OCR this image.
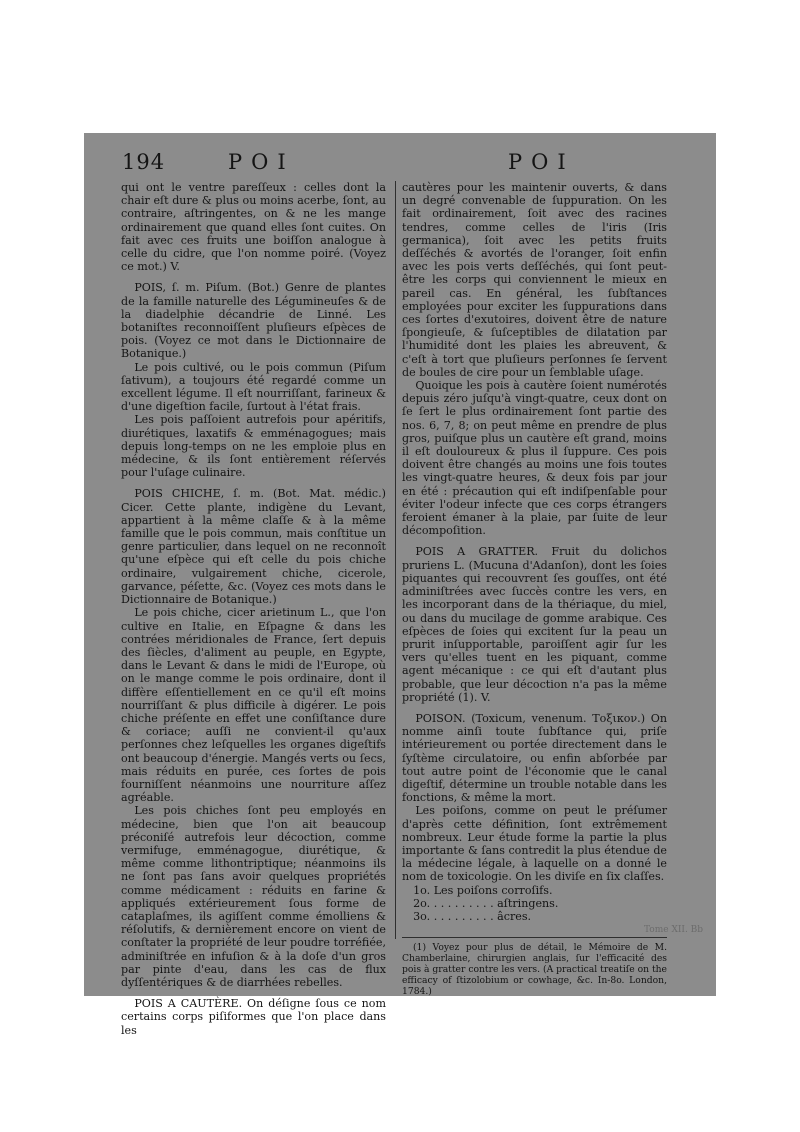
194	POI	POI

qui ont le ventre pareſſeux : celles dont la chair eſt dure & plus ou moins acerbe, ſont, au contraire, aſtringentes, on & ne les mange ordinairement que quand elles ſont cuites. On fait avec ces fruits une boiſſon analogue à celle du cidre, que l'on nomme poiré. (Voyez ce mot.) V.

POIS, ſ. m. Piſum. (Bot.) Genre de plantes de la famille naturelle des Légumineuſes & de la diadelphie décandrie de Linné. Les botaniſtes reconnoiſſent pluſieurs eſpèces de pois. (Voyez ce mot dans le Dictionnaire de Botanique.)

Le pois cultivé, ou le pois commun (Piſum ſativum), a toujours été regardé comme un excellent légume. Il eſt nourriſſant, farineux & d'une digeſtion facile, ſurtout à l'état frais.

Les pois paſſoient autrefois pour apéritifs, diurétiques, laxatifs & emménagogues; mais depuis long-temps on ne les emploie plus en médecine, & ils ſont entièrement réſervés pour l'uſage culinaire.

POIS CHICHE, ſ. m. (Bot. Mat. médic.) Cicer. Cette plante, indigène du Levant, appartient à la même claſſe & à la même famille que le pois commun, mais conſtitue un genre particulier, dans lequel on ne reconnoît qu'une eſpèce qui eſt celle du pois chiche ordinaire, vulgairement chiche, cicerole, garvance, péſette, &c. (Voyez ces mots dans le Dictionnaire de Botanique.)

Le pois chiche, cicer arietinum L., que l'on cultive en Italie, en Eſpagne & dans les contrées méridionales de France, ſert depuis des ſiècles, d'aliment au peuple, en Egypte, dans le Levant & dans le midi de l'Europe, où on le mange comme le pois ordinaire, dont il diffère eſſentiellement en ce qu'il eſt moins nourriſſant & plus difficile à digérer. Le pois chiche préſente en effet une conſiſtance dure & coriace; auſſi ne convient-il qu'aux perſonnes chez leſquelles les organes digeſtifs ont beaucoup d'énergie. Mangés verts ou ſecs, mais réduits en purée, ces ſortes de pois fourniſſent néanmoins une nourriture aſſez agréable.

Les pois chiches ſont peu employés en médecine, bien que l'on ait beaucoup préconiſé autrefois leur décoction, comme vermifuge, emménagogue, diurétique, & même comme lithontriptique; néanmoins ils ne ſont pas ſans avoir quelques propriétés comme médicament : réduits en farine & appliqués extérieurement ſous forme de cataplaſmes, ils agiſſent comme émolliens & réſolutifs, & dernièrement encore on vient de conſtater la propriété de leur poudre torréfiée, adminiſtrée en infuſion & à la doſe d'un gros par pinte d'eau, dans les cas de flux dyſſentériques & de diarrhées rebelles.

POIS A CAUTÈRE. On déſigne ſous ce nom certains corps piſiformes que l'on place dans les

cautères pour les maintenir ouverts, & dans un degré convenable de ſuppuration. On les fait ordinairement, ſoit avec des racines tendres, comme celles de l'iris (Iris germanica), ſoit avec les petits fruits deſſéchés & avortés de l'oranger, ſoit enfin avec les pois verts deſſéchés, qui ſont peut-être les corps qui conviennent le mieux en pareil cas. En général, les ſubſtances employées pour exciter les ſuppurations dans ces ſortes d'exutoires, doivent être de nature ſpongieuſe, & ſuſceptibles de dilatation par l'humidité dont les plaies les abreuvent, & c'eſt à tort que pluſieurs perſonnes ſe ſervent de boules de cire pour un ſemblable uſage.

Quoique les pois à cautère ſoient numérotés depuis zéro juſqu'à vingt-quatre, ceux dont on ſe ſert le plus ordinairement ſont partie des nos. 6, 7, 8; on peut même en prendre de plus gros, puiſque plus un cautère eſt grand, moins il eſt douloureux & plus il ſuppure. Ces pois doivent être changés au moins une fois toutes les vingt-quatre heures, & deux fois par jour en été : précaution qui eſt indiſpenſable pour éviter l'odeur infecte que ces corps étrangers feroient émaner à la plaie, par ſuite de leur décompoſition.

POIS A GRATTER. Fruit du dolichos pruriens L. (Mucuna d'Adanſon), dont les ſoies piquantes qui recouvrent ſes gouſſes, ont été adminiſtrées avec ſuccès contre les vers, en les incorporant dans de la thériaque, du miel, ou dans du mucilage de gomme arabique. Ces eſpèces de ſoies qui excitent ſur la peau un prurit inſupportable, paroiſſent agir ſur les vers qu'elles tuent en les piquant, comme agent mécanique : ce qui eſt d'autant plus probable, que leur décoction n'a pas la même propriété (1). V.

POISON. (Toxicum, venenum. Τοξικον.) On nomme ainſi toute ſubſtance qui, priſe intérieurement ou portée directement dans le ſyſtème circulatoire, ou enfin abſorbée par tout autre point de l'économie que le canal digeſtif, détermine un trouble notable dans les fonctions, & même la mort.

Les poiſons, comme on peut le préſumer d'après cette définition, ſont extrêmement nombreux. Leur étude forme la partie la plus importante & ſans contredit la plus étendue de la médecine légale, à laquelle on a donné le nom de toxicologie. On les diviſe en ſix claſſes.

1o. Les poiſons corroſifs.

2o. . . . . . . . . . aſtringens.

3o. . . . . . . . . . âcres.

(1) Voyez pour plus de détail, le Mémoire de M. Chamberlaine, chirurgien anglais, ſur l'efficacité des pois à gratter contre les vers. (A practical treatiſe on the efficacy of ſtizolobium or cowhage, &c. In-8o. London, 1784.)

Tome XII. Bb
